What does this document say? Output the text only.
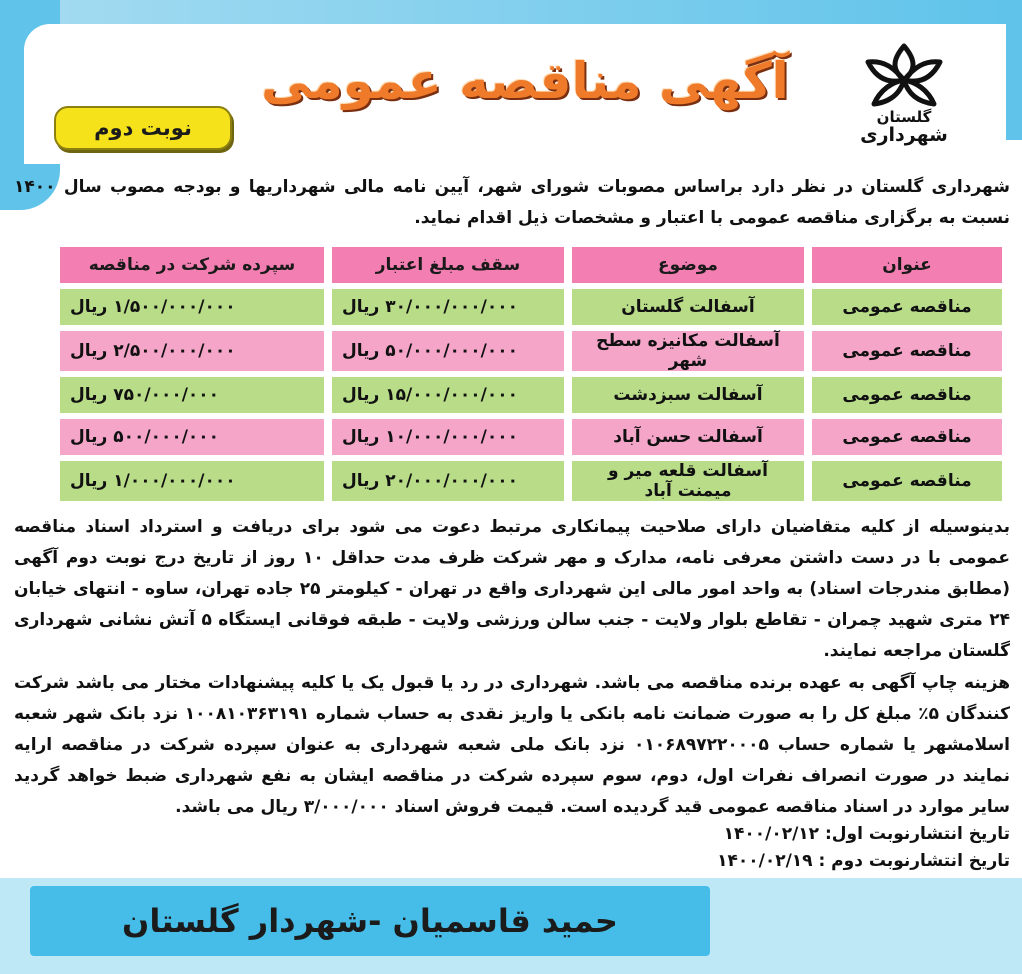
گلستان
شهرداری
آگهی مناقصه عمومی
نوبت دوم
شهرداری گلستان در نظر دارد براساس مصوبات شورای شهر، آیین نامه مالی شهرداریها و بودجه مصوب سال ۱۴۰۰ نسبت به برگزاری مناقصه عمومی با اعتبار و مشخصات ذیل اقدام نماید.
عنوان	موضوع	سقف مبلغ اعتبار	سپرده شرکت در مناقصه
مناقصه عمومی	آسفالت گلستان	۳۰/۰۰۰/۰۰۰/۰۰۰ ریال	۱/۵۰۰/۰۰۰/۰۰۰ ریال
مناقصه عمومی	آسفالت مکانیزه سطح شهر	۵۰/۰۰۰/۰۰۰/۰۰۰ ریال	۲/۵۰۰/۰۰۰/۰۰۰ ریال
مناقصه عمومی	آسفالت سبزدشت	۱۵/۰۰۰/۰۰۰/۰۰۰ ریال	۷۵۰/۰۰۰/۰۰۰ ریال
مناقصه عمومی	آسفالت حسن آباد	۱۰/۰۰۰/۰۰۰/۰۰۰ ریال	۵۰۰/۰۰۰/۰۰۰ ریال
مناقصه عمومی	آسفالت قلعه میر و میمنت آباد	۲۰/۰۰۰/۰۰۰/۰۰۰ ریال	۱/۰۰۰/۰۰۰/۰۰۰ ریال
بدینوسیله از کلیه متقاضیان دارای صلاحیت پیمانکاری مرتبط دعوت می شود برای دریافت و استرداد اسناد مناقصه عمومی با در دست داشتن معرفی نامه، مدارک و مهر شرکت ظرف مدت حداقل ۱۰ روز از تاریخ درج نوبت دوم آگهی (مطابق مندرجات اسناد) به واحد امور مالی این شهرداری واقع در تهران - کیلومتر ۲۵ جاده تهران، ساوه - انتهای خیابان ۲۴ متری شهید چمران - تقاطع بلوار ولایت - جنب سالن ورزشی ولایت - طبقه فوقانی ایستگاه ۵ آتش نشانی شهرداری گلستان مراجعه نمایند.
هزینه چاپ آگهی به عهده برنده مناقصه می باشد. شهرداری در رد یا قبول یک یا کلیه پیشنهادات مختار می باشد شرکت کنندگان ۵٪ مبلغ کل را به صورت ضمانت نامه بانکی یا واریز نقدی به حساب شماره ۱۰۰۸۱۰۳۶۳۱۹۱ نزد بانک شهر شعبه اسلامشهر یا شماره حساب ۰۱۰۶۸۹۷۲۲۰۰۰۵ نزد بانک ملی شعبه شهرداری به عنوان سپرده شرکت در مناقصه ارایه نمایند در صورت انصراف نفرات اول، دوم، سوم سپرده شرکت در مناقصه ایشان به نفع شهرداری ضبط خواهد گردید سایر موارد در اسناد مناقصه عمومی قید گردیده است. قیمت فروش اسناد ۳/۰۰۰/۰۰۰ ریال می باشد.
تاریخ انتشارنوبت اول: ۱۴۰۰/۰۲/۱۲
تاریخ انتشارنوبت دوم : ۱۴۰۰/۰۲/۱۹
حمید قاسمیان -شهردار گلستان
